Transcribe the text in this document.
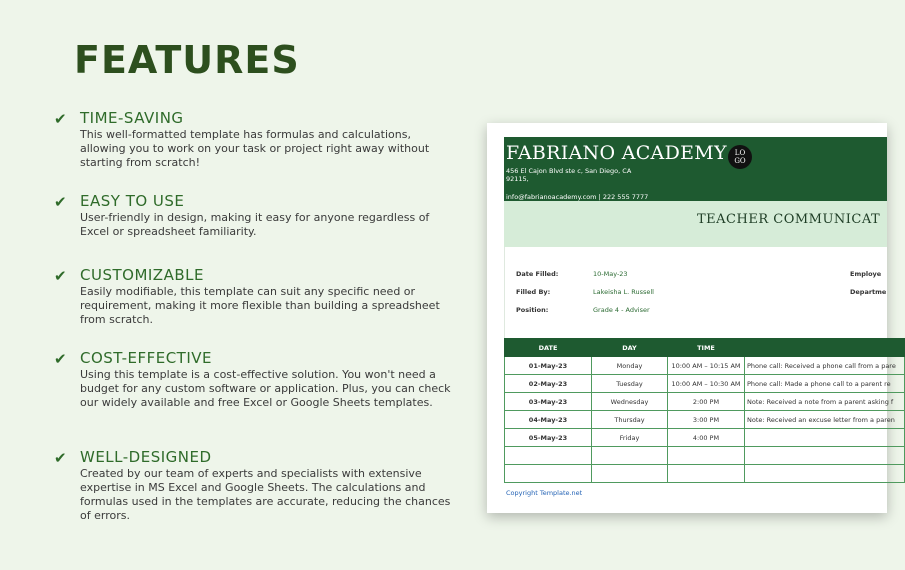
FEATURES
✔ TIME-SAVING
This well-formatted template has formulas and calculations, allowing you to work on your task or project right away without starting from scratch!
✔ EASY TO USE
User-friendly in design, making it easy for anyone regardless of Excel or spreadsheet familiarity.
✔ CUSTOMIZABLE
Easily modifiable, this template can suit any specific need or requirement, making it more flexible than building a spreadsheet from scratch.
✔ COST-EFFECTIVE
Using this template is a cost-effective solution. You won't need a budget for any custom software or application. Plus, you can check our widely available and free Excel or Google Sheets templates.
✔ WELL-DESIGNED
Created by our team of experts and specialists with extensive expertise in MS Excel and Google Sheets. The calculations and formulas used in the templates are accurate, reducing the chances of errors.
FABRIANO ACADEMY	LO
GO
456 El Cajon Blvd ste c, San Diego, CA
92115,
info@fabrianoacademy.com | 222 555 7777
TEACHER COMMUNICAT
Date Filled:	10-May-23
Filled By:	Lakeisha L. Russell
Position:	Grade 4 - Adviser
Employe
Departme
DATE	DAY	TIME	
01-May-23	Monday	10:00 AM – 10:15 AM	Phone call: Received a phone call from a pare
02-May-23	Tuesday	10:00 AM – 10:30 AM	Phone call: Made a phone call to a parent re
03-May-23	Wednesday	2:00 PM	Note: Received a note from a parent asking f
04-May-23	Thursday	3:00 PM	Note: Received an excuse letter from a paren
05-May-23	Friday	4:00 PM	

Copyright Template.net
